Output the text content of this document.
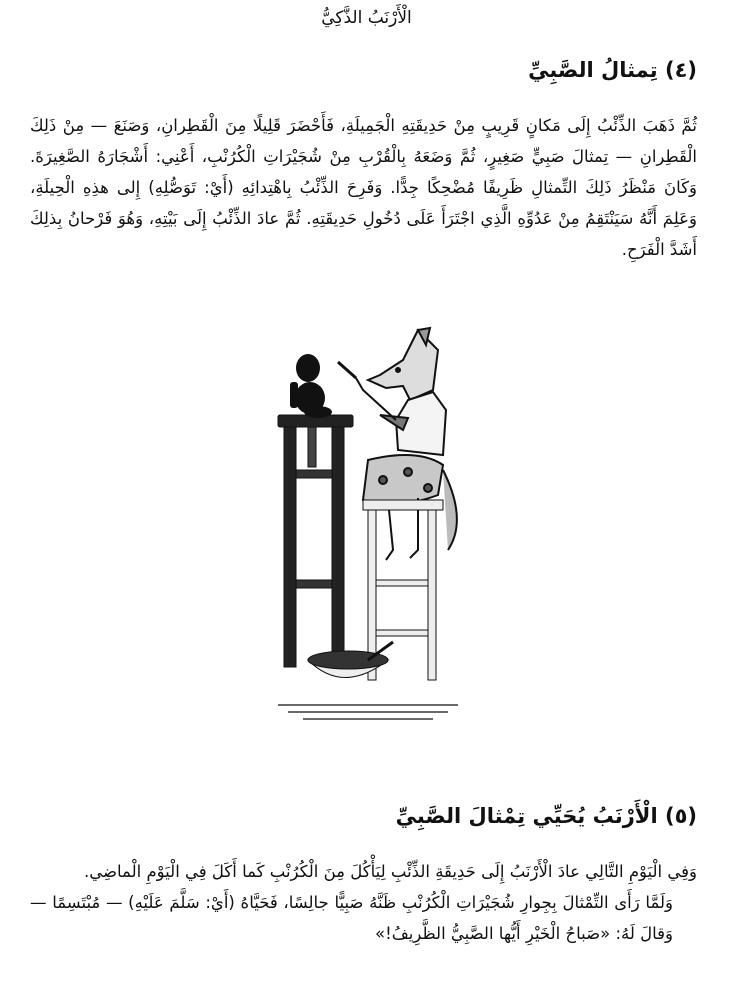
الْأَرْنَبُ الذَّكِيُّ
(٤) تِمثالُ الصَّبِيِّ
ثُمَّ ذَهَبَ الذِّئْبُ إِلَى مَكانٍ قَرِيبٍ مِنْ حَدِيقَتِهِ الْجَمِيلَةِ، فَأَحْضَرَ قَلِيلًا مِنَ الْقَطِرانِ، وَصَنَعَ — مِنْ ذَلِكَ الْقَطِرانِ — تِمثالَ صَبِيٍّ صَغِيرٍ، ثُمَّ وَضَعَهُ بِالْقُرْبِ مِنْ شُجَيْرَاتِ الْكُرُنْبِ، أَعْنِي: أَشْجَارَهُ الصَّغِيرَةَ. وَكَانَ مَنْظَرُ ذَلِكَ التِّمثالِ ظَرِيفًا مُضْحِكًا جِدًّا. وَفَرِحَ الذِّئْبُ بِاهْتِدائِهِ (أَيْ: تَوَصُّلِهِ) إِلى هذِهِ الْحِيلَةِ، وَعَلِمَ أَنَّهُ سَيَنْتَقِمُ مِنْ عَدُوِّهِ الَّذِي اجْتَرَأَ عَلَى دُخُولِ حَدِيقَتِهِ. ثُمَّ عادَ الذِّئْبُ إِلَى بَيْتِهِ، وَهُوَ فَرْحانُ بِذلِكَ أَشَدَّ الْفَرَحِ.
(٥) الْأَرْنَبُ يُحَيِّي تِمْثالَ الصَّبِيِّ
وَفِي الْيَوْمِ التَّالِي عادَ الْأَرْنَبُ إِلَى حَدِيقَةِ الذِّئْبِ لِيَأْكُلَ مِنَ الْكُرُنْبِ كَما أَكَلَ فِي الْيَوْمِ الْماضِي.
وَلَمَّا رَأَى التِّمْثالَ بِجِوارِ شُجَيْرَاتِ الْكُرُنْبِ ظَنَّهُ صَبِيًّا جالِسًا، فَحَيَّاهُ (أَيْ: سَلَّمَ عَلَيْهِ) — مُبْتَسِمًا — وَقالَ لَهُ: «صَباحُ الْخَيْرِ أَيُّها الصَّبِيُّ الظَّرِيفُ!»
